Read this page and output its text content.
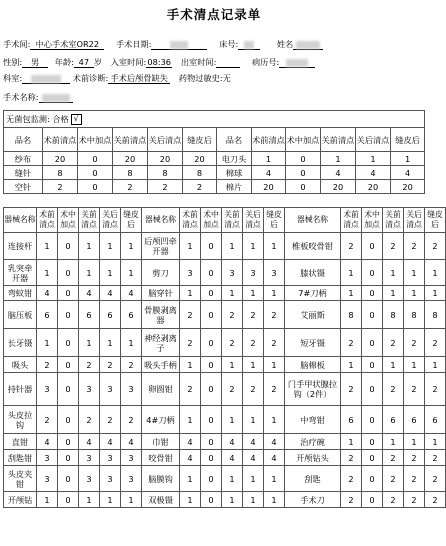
手术清点记录单
手术间: 中心手术室OR22 手术日期:	床号:	姓名
性别: 男 年龄: 47 岁 入室时间:08:36 出室时间:	病历号:
科室:	术前诊断: 手术后颅骨缺失 药物过敏史:无
手术名称:
无菌包监测: 合格 √											
品名	术前清点	术中加点	关前清点	关后清点	缝皮后	品名	术前清点	术中加点	关前清点	关后清点	缝皮后
纱布	20	0	20	20	20	电刀头	1	0	1	1	1
缝针	8	0	8	8	8	棉球	4	0	4	4	4
空针	2	0	2	2	2	棉片	20	0	20	20	20
器械名称	术前清点	术中加点	关前清点	关后清点	缝皮后	器械名称	术前清点	术中加点	关前清点	关后清点	缝皮后	器械名称	术前清点	术中加点	关前清点	关后清点	缝皮后
连接杆	1	0	1	1	1	后颅凹牵开器	1	0	1	1	1	椎板咬骨钳	2	0	2	2	2
乳突牵开器	1	0	1	1	1	剪刀	3	0	3	3	3	膝状镊	1	0	1	1	1
弯蚊钳	4	0	4	4	4	脑穿针	1	0	1	1	1	7#刀柄	1	0	1	1	1
脑压板	6	0	6	6	6	骨膜剥离器	2	0	2	2	2	艾丽斯	8	0	8	8	8
长牙镊	1	0	1	1	1	神经剥离子	2	0	2	2	2	短牙镊	2	0	2	2	2
吸头	2	0	2	2	2	吸头手柄	1	0	1	1	1	脑棉板	1	0	1	1	1
持针器	3	0	3	3	3	卵圆钳	2	0	2	2	2	门手甲状腺拉钩（2件）	2	0	2	2	2
头皮拉钩	2	0	2	2	2	4#刀柄	1	0	1	1	1	中弯钳	6	0	6	6	6
直钳	4	0	4	4	4	巾钳	4	0	4	4	4	治疗碗	1	0	1	1	1
刮匙钳	3	0	3	3	3	咬骨钳	4	0	4	4	4	开颅钻头	2	0	2	2	2
头皮夹钳	3	0	3	3	3	脑膜钩	1	0	1	1	1	刮匙	2	0	2	2	2
开颅钻	1	0	1	1	1	双极镊	1	0	1	1	1	手术刀	2	0	2	2	2
